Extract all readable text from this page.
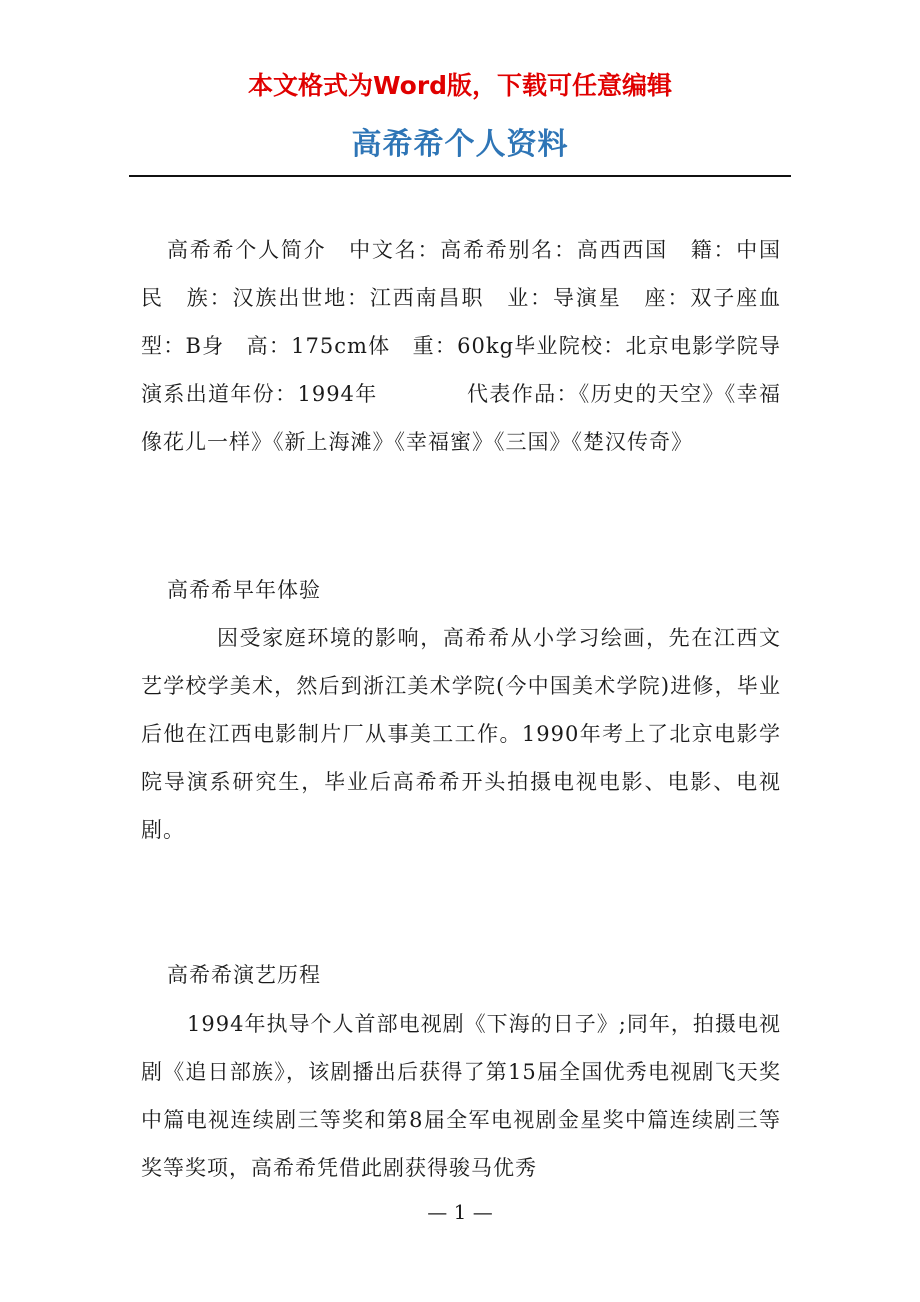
本文格式为Word版，下载可任意编辑
高希希个人资料
高希希个人简介　中文名：高希希别名：高西西国　籍：中国民　族：汉族出世地：江西南昌职　业：导演星　座：双子座血　型：B身　高：175cm体　重：60kg毕业院校：北京电影学院导演系出道年份：1994年　　　　代表作品：《历史的天空》《幸福像花儿一样》《新上海滩》《幸福蜜》《三国》《楚汉传奇》
高希希早年体验
因受家庭环境的影响，高希希从小学习绘画，先在江西文艺学校学美术，然后到浙江美术学院(今中国美术学院)进修，毕业后他在江西电影制片厂从事美工工作。1990年考上了北京电影学院导演系研究生，毕业后高希希开头拍摄电视电影、电影、电视剧。
高希希演艺历程
1994年执导个人首部电视剧《下海的日子》;同年，拍摄电视剧《追日部族》，该剧播出后获得了第15届全国优秀电视剧飞天奖中篇电视连续剧三等奖和第8届全军电视剧金星奖中篇连续剧三等奖等奖项，高希希凭借此剧获得骏马优秀
— 1 —
